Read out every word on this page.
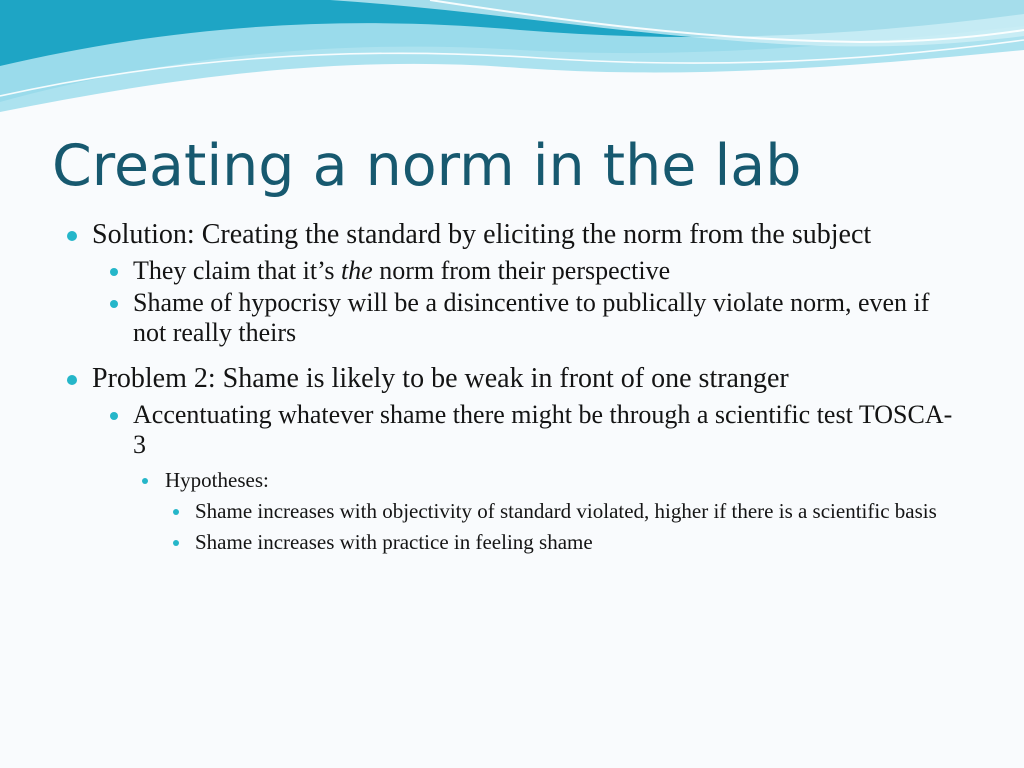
Creating a norm in the lab
Solution: Creating the standard by eliciting the norm from the subject
They claim that it’s the norm from their perspective
Shame of hypocrisy will be a disincentive to publically violate norm, even if not really theirs
Problem 2: Shame is likely to be weak in front of one stranger
Accentuating whatever shame there might be through a scientific test TOSCA-3
Hypotheses:
Shame increases with objectivity of standard violated, higher if there is a scientific basis
Shame increases with practice in feeling shame
